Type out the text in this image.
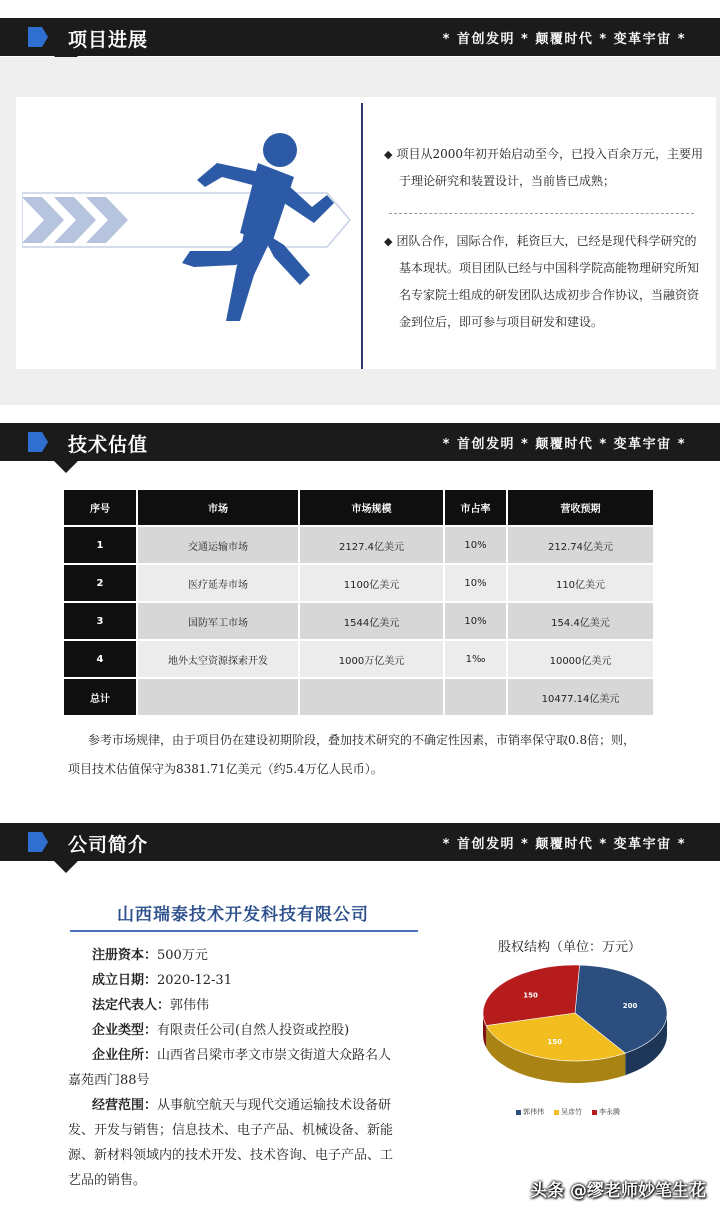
项目进展	* 首创发明 * 颠覆时代 * 变革宇宙 *
◆ 项目从2000年初开始启动至今，已投入百余万元，主要用
于理论研究和装置设计，当前皆已成熟；
◆ 团队合作，国际合作，耗资巨大，已经是现代科学研究的
基本现状。项目团队已经与中国科学院高能物理研究所知
名专家院士组成的研发团队达成初步合作协议，当融资资
金到位后，即可参与项目研发和建设。
技术估值	* 首创发明 * 颠覆时代 * 变革宇宙 *
序号	市场	市场规模	市占率	营收预期
1	交通运输市场	2127.4亿美元	10%	212.74亿美元
2	医疗延寿市场	1100亿美元	10%	110亿美元
3	国防军工市场	1544亿美元	10%	154.4亿美元
4	地外太空资源探索开发	1000万亿美元	1‰	10000亿美元
总计				10477.14亿美元
参考市场规律，由于项目仍在建设初期阶段，叠加技术研究的不确定性因素，市销率保守取0.8倍；则，
项目技术估值保守为8381.71亿美元（约5.4万亿人民币）。
公司简介	* 首创发明 * 颠覆时代 * 变革宇宙 *
山西瑞泰技术开发科技有限公司
注册资本：500万元
成立日期：2020-12-31
法定代表人：郭伟伟
企业类型：有限责任公司(自然人投资或控股)
企业住所：山西省吕梁市孝文市崇文街道大众路名人
嘉苑西门88号
经营范围：从事航空航天与现代交通运输技术设备研
发、开发与销售；信息技术、电子产品、机械设备、新能
源、新材料领域内的技术开发、技术咨询、电子产品、工
艺品的销售。
股权结构（单位：万元）
200
150
150
郭伟伟	吴彦竹	李永腾
头条 @缪老师妙笔生花
